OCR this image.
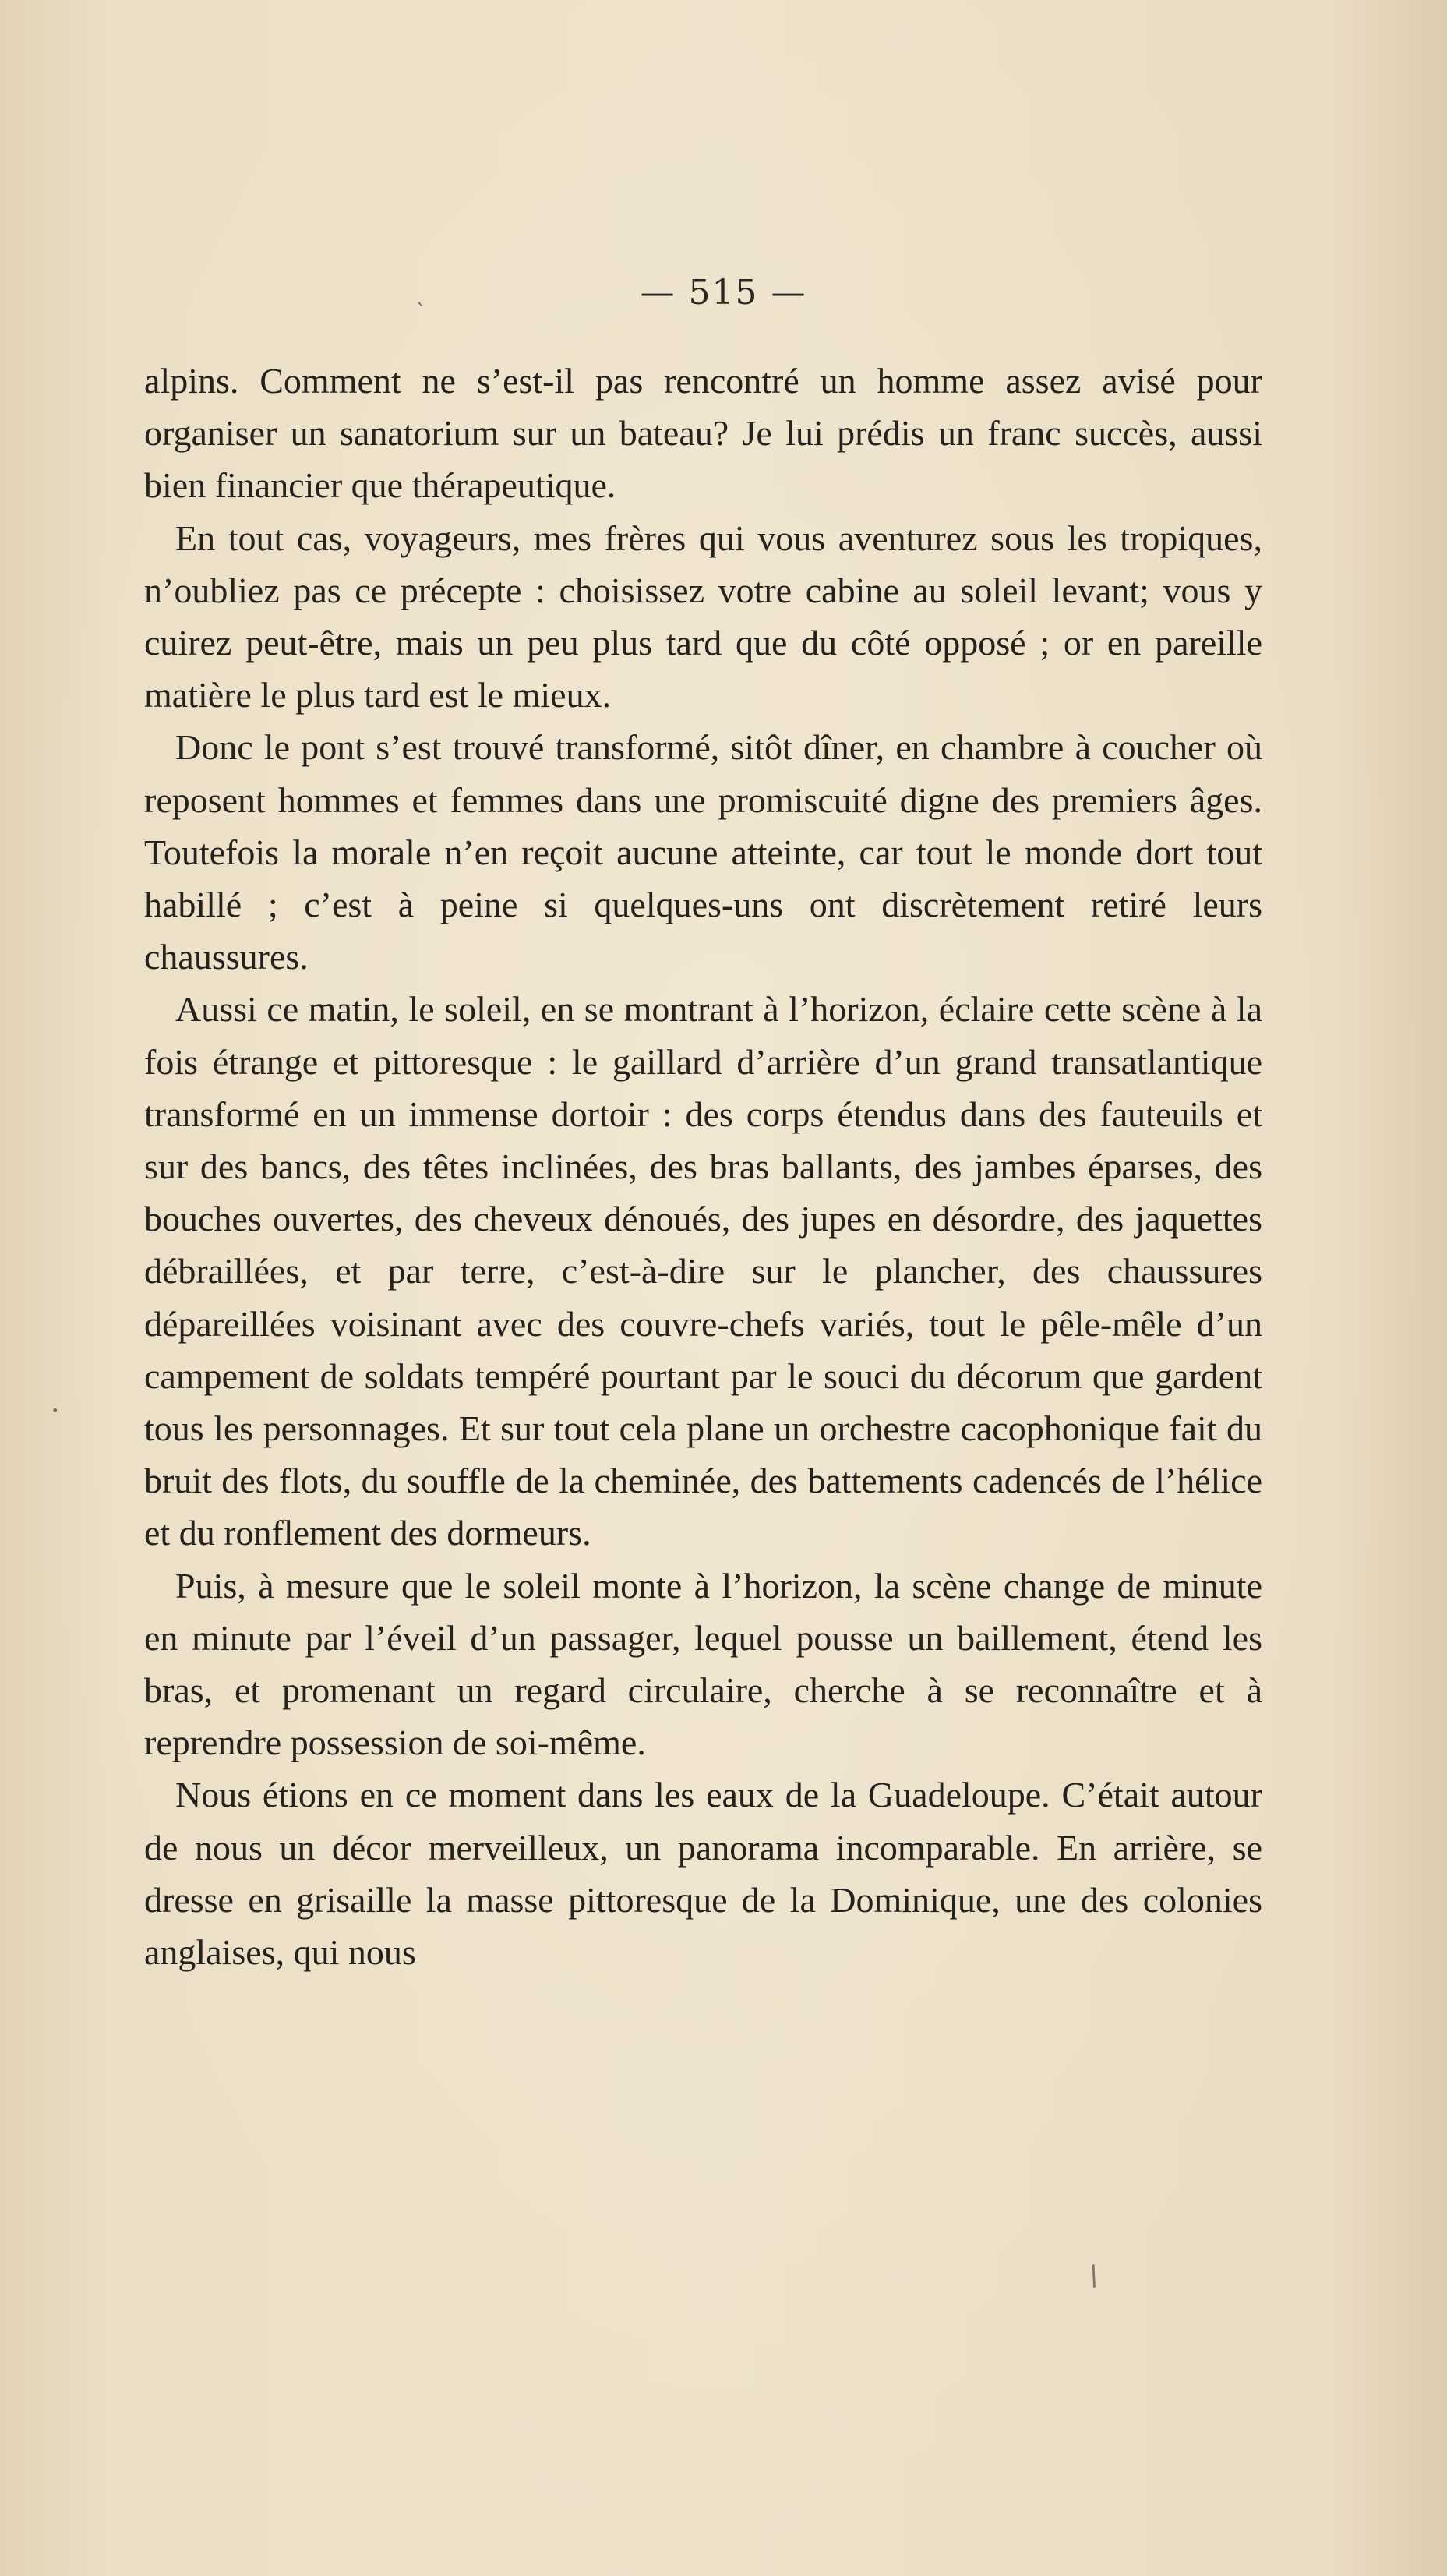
— 515 —
`
•
/

alpins. Comment ne s’est-il pas rencontré un homme assez avisé pour organiser un sanatorium sur un bateau? Je lui prédis un franc succès, aussi bien financier que thérapeutique.

En tout cas, voyageurs, mes frères qui vous aventurez sous les tropiques, n’oubliez pas ce précepte : choisissez votre cabine au soleil levant; vous y cuirez peut-être, mais un peu plus tard que du côté opposé ; or en pareille matière le plus tard est le mieux.

Donc le pont s’est trouvé transformé, sitôt dîner, en chambre à coucher où reposent hommes et femmes dans une promiscuité digne des premiers âges. Toutefois la morale n’en reçoit aucune atteinte, car tout le monde dort tout habillé ; c’est à peine si quelques-uns ont discrètement retiré leurs chaussures.

Aussi ce matin, le soleil, en se montrant à l’horizon, éclaire cette scène à la fois étrange et pittoresque : le gaillard d’arrière d’un grand transatlantique transformé en un immense dortoir : des corps étendus dans des fauteuils et sur des bancs, des têtes inclinées, des bras ballants, des jambes éparses, des bouches ouvertes, des cheveux dénoués, des jupes en désordre, des jaquettes débraillées, et par terre, c’est-à-dire sur le plancher, des chaussures dépareillées voisinant avec des couvre-chefs variés, tout le pêle-mêle d’un campement de soldats tempéré pourtant par le souci du décorum que gardent tous les personnages. Et sur tout cela plane un orchestre cacophonique fait du bruit des flots, du souffle de la cheminée, des battements cadencés de l’hélice et du ronflement des dormeurs.

Puis, à mesure que le soleil monte à l’horizon, la scène change de minute en minute par l’éveil d’un passager, lequel pousse un baillement, étend les bras, et promenant un regard circulaire, cherche à se reconnaître et à reprendre possession de soi-même.

Nous étions en ce moment dans les eaux de la Guadeloupe. C’était autour de nous un décor merveilleux, un panorama incomparable. En arrière, se dresse en grisaille la masse pittoresque de la Dominique, une des colonies anglaises, qui nous
